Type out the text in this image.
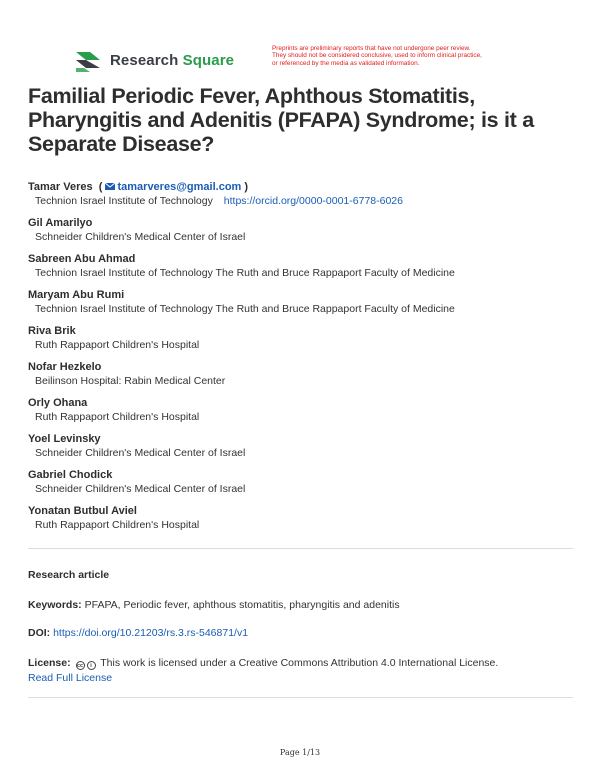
Research Square
Preprints are preliminary reports that have not undergone peer review.
They should not be considered conclusive, used to inform clinical practice,
or referenced by the media as validated information.
Familial Periodic Fever, Aphthous Stomatitis, Pharyngitis and Adenitis (PFAPA) Syndrome; is it a Separate Disease?
Tamar Veres ( tamarveres@gmail.com )
Technion Israel Institute of Technology https://orcid.org/0000-0001-6778-6026
Gil Amarilyo
Schneider Children's Medical Center of Israel
Sabreen Abu Ahmad
Technion Israel Institute of Technology The Ruth and Bruce Rappaport Faculty of Medicine
Maryam Abu Rumi
Technion Israel Institute of Technology The Ruth and Bruce Rappaport Faculty of Medicine
Riva Brik
Ruth Rappaport Children's Hospital
Nofar Hezkelo
Beilinson Hospital: Rabin Medical Center
Orly Ohana
Ruth Rappaport Children's Hospital
Yoel Levinsky
Schneider Children's Medical Center of Israel
Gabriel Chodick
Schneider Children's Medical Center of Israel
Yonatan Butbul Aviel
Ruth Rappaport Children's Hospital
Research article
Keywords: PFAPA, Periodic fever, aphthous stomatitis, pharyngitis and adenitis
DOI: https://doi.org/10.21203/rs.3.rs-546871/v1
License: cc	i This work is licensed under a Creative Commons Attribution 4.0 International License.
Read Full License
Page 1/13
